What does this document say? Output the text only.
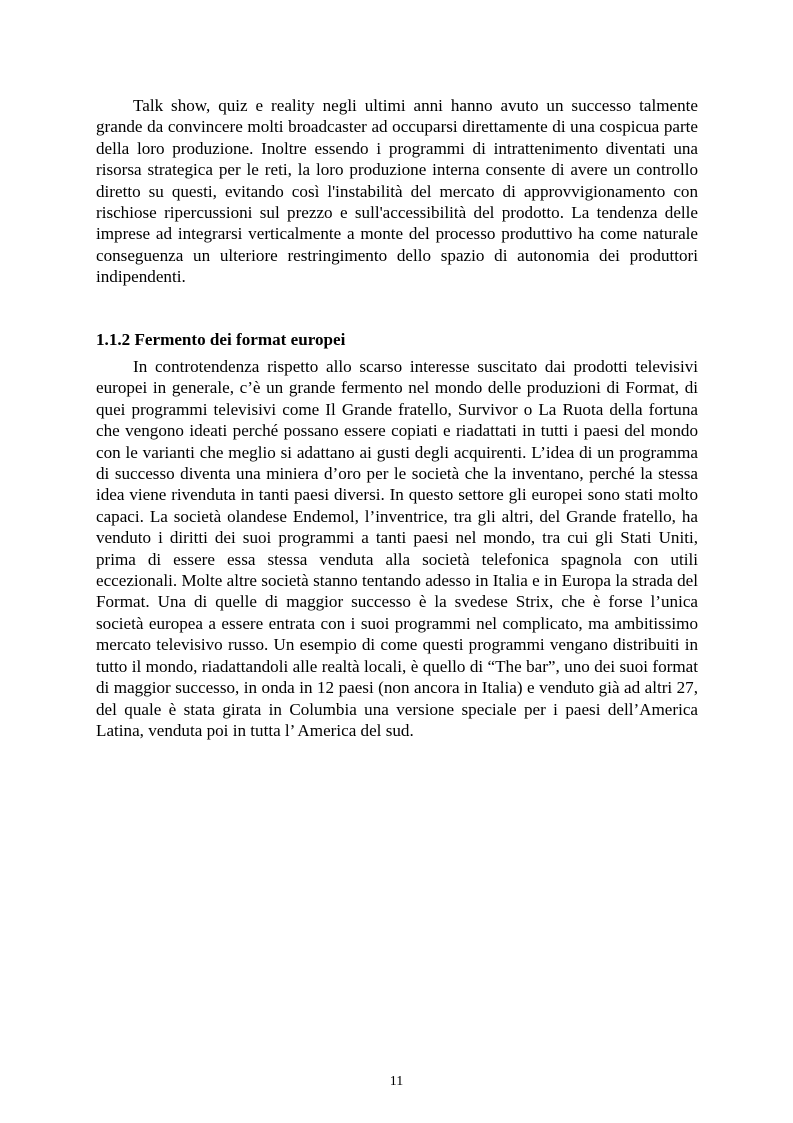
Talk show, quiz e reality negli ultimi anni hanno avuto un successo talmente grande da convincere molti broadcaster ad occuparsi direttamente di una cospicua parte della loro produzione. Inoltre essendo i programmi di intrattenimento diventati una risorsa strategica per le reti, la loro produzione interna consente di avere un controllo diretto su questi, evitando così l'instabilità del mercato di approvvigionamento con rischiose ripercussioni sul prezzo e sull'accessibilità del prodotto. La tendenza delle imprese ad integrarsi verticalmente a monte del processo produttivo ha come naturale conseguenza un ulteriore restringimento dello spazio di autonomia dei produttori indipendenti.

1.1.2 Fermento dei format europei

In controtendenza rispetto allo scarso interesse suscitato dai prodotti televisivi europei in generale, c’è un grande fermento nel mondo delle produzioni di Format, di quei programmi televisivi come Il Grande fratello, Survivor o La Ruota della fortuna che vengono ideati perché possano essere copiati e riadattati in tutti i paesi del mondo con le varianti che meglio si adattano ai gusti degli acquirenti. L’idea di un programma di successo diventa una miniera d’oro per le società che la inventano, perché la stessa idea viene rivenduta in tanti paesi diversi. In questo settore gli europei sono stati molto capaci. La società olandese Endemol, l’inventrice, tra gli altri, del Grande fratello, ha venduto i diritti dei suoi programmi a tanti paesi nel mondo, tra cui gli Stati Uniti, prima di essere essa stessa venduta alla società telefonica spagnola con utili eccezionali. Molte altre società stanno tentando adesso in Italia e in Europa la strada del Format. Una di quelle di maggior successo è la svedese Strix, che è forse l’unica società europea a essere entrata con i suoi programmi nel complicato, ma ambitissimo mercato televisivo russo. Un esempio di come questi programmi vengano distribuiti in tutto il mondo, riadattandoli alle realtà locali, è quello di “The bar”, uno dei suoi format di maggior successo, in onda in 12 paesi (non ancora in Italia) e venduto già ad altri 27, del quale è stata girata in Columbia una versione speciale per i paesi dell’America Latina, venduta poi in tutta l’ America del sud.

11
